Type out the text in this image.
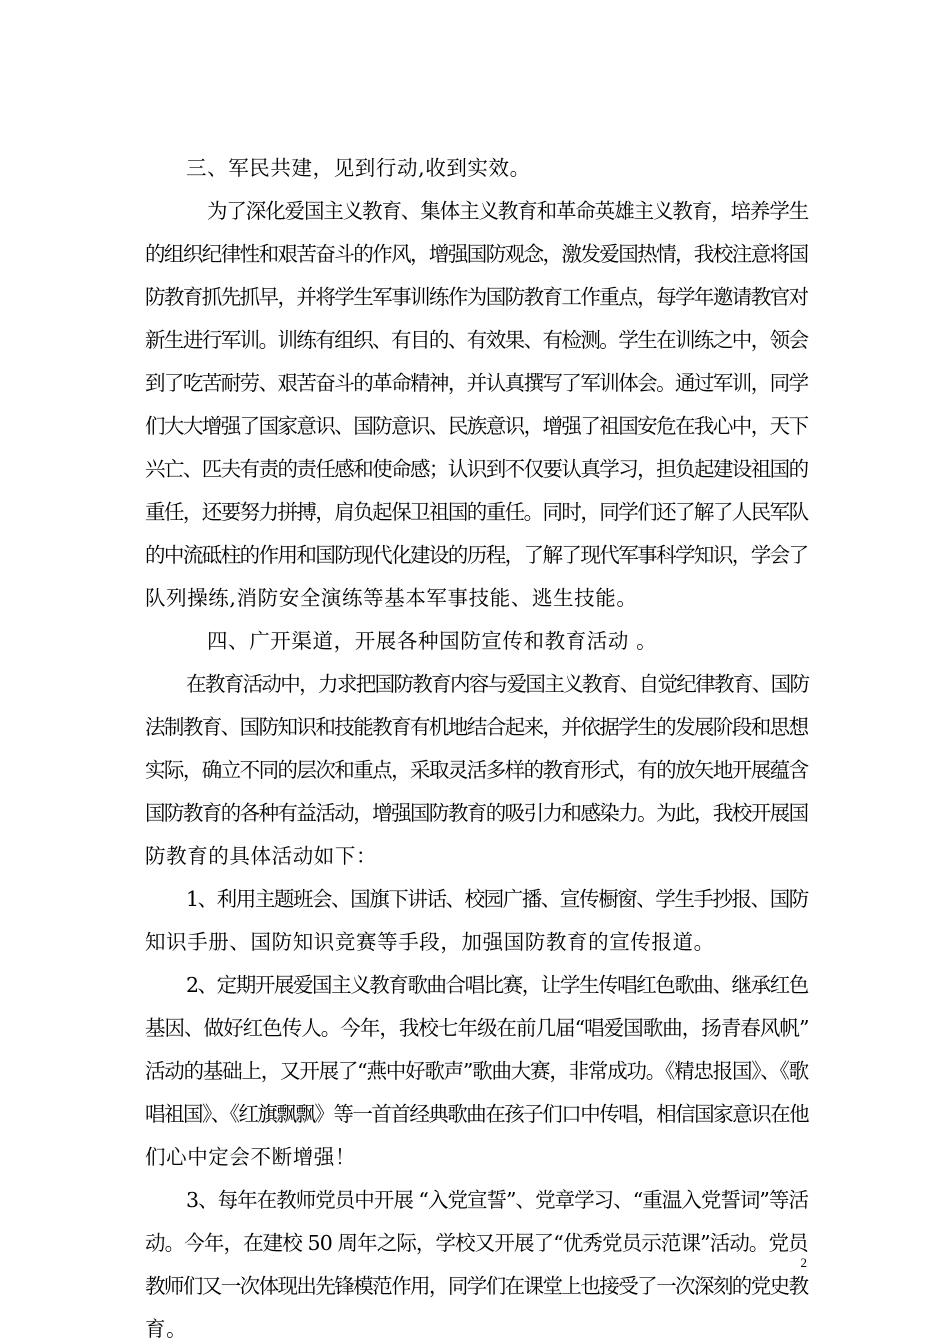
三、军民共建，见到行动,收到实效。
为了深化爱国主义教育、集体主义教育和革命英雄主义教育，培养学生
的组织纪律性和艰苦奋斗的作风，增强国防观念，激发爱国热情，我校注意将国
防教育抓先抓早，并将学生军事训练作为国防教育工作重点，每学年邀请教官对
新生进行军训。训练有组织、有目的、有效果、有检测。学生在训练之中，领会
到了吃苦耐劳、艰苦奋斗的革命精神，并认真撰写了军训体会。通过军训，同学
们大大增强了国家意识、国防意识、民族意识，增强了祖国安危在我心中，天下
兴亡、匹夫有责的责任感和使命感；认识到不仅要认真学习，担负起建设祖国的
重任，还要努力拼搏，肩负起保卫祖国的重任。同时，同学们还了解了人民军队
的中流砥柱的作用和国防现代化建设的历程，了解了现代军事科学知识，学会了
队列操练,消防安全演练等基本军事技能、逃生技能。
四、广开渠道，开展各种国防宣传和教育活动 。
在教育活动中，力求把国防教育内容与爱国主义教育、自觉纪律教育、国防
法制教育、国防知识和技能教育有机地结合起来，并依据学生的发展阶段和思想
实际，确立不同的层次和重点，采取灵活多样的教育形式，有的放矢地开展蕴含
国防教育的各种有益活动，增强国防教育的吸引力和感染力。为此，我校开展国
防教育的具体活动如下：
1、利用主题班会、国旗下讲话、校园广播、宣传橱窗、学生手抄报、国防
知识手册、国防知识竞赛等手段，加强国防教育的宣传报道。
2、定期开展爱国主义教育歌曲合唱比赛，让学生传唱红色歌曲、继承红色
基因、做好红色传人。今年，我校七年级在前几届“唱爱国歌曲，扬青春风帆”
活动的基础上，又开展了“燕中好歌声”歌曲大赛，非常成功。《精忠报国》、《歌
唱祖国》、《红旗飘飘》等一首首经典歌曲在孩子们口中传唱，相信国家意识在他
们心中定会不断增强！
3、每年在教师党员中开展 “入党宣誓”、党章学习、“重温入党誓词”等活
动。今年，在建校 50 周年之际，学校又开展了“优秀党员示范课”活动。党员
教师们又一次体现出先锋模范作用，同学们在课堂上也接受了一次深刻的党史教
育。
2
